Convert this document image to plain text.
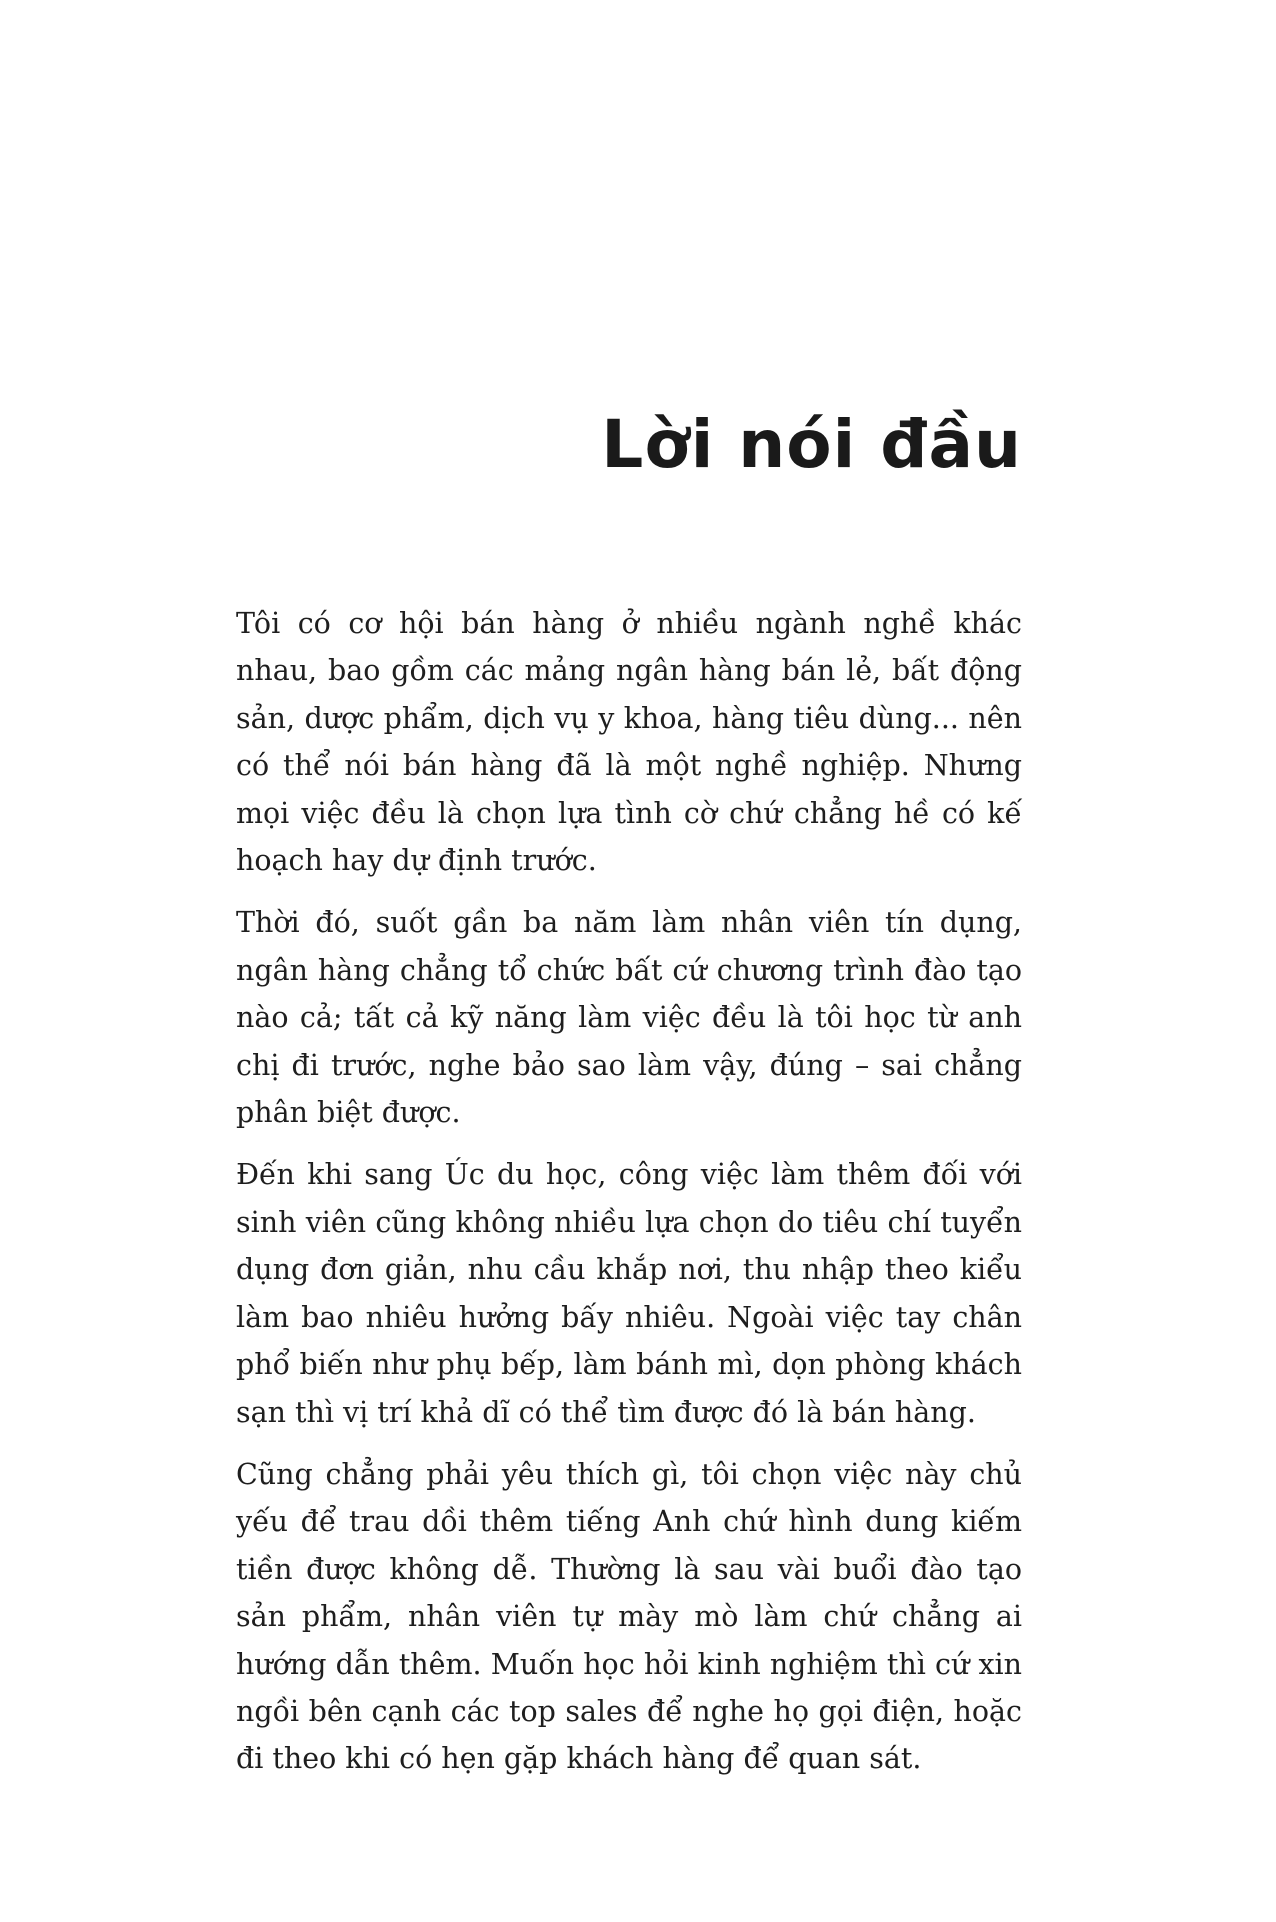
Lời nói đầu

Tôi có cơ hội bán hàng ở nhiều ngành nghề khác nhau, bao gồm các mảng ngân hàng bán lẻ, bất động sản, dược phẩm, dịch vụ y khoa, hàng tiêu dùng... nên có thể nói bán hàng đã là một nghề nghiệp. Nhưng mọi việc đều là chọn lựa tình cờ chứ chẳng hề có kế hoạch hay dự định trước.

Thời đó, suốt gần ba năm làm nhân viên tín dụng, ngân hàng chẳng tổ chức bất cứ chương trình đào tạo nào cả; tất cả kỹ năng làm việc đều là tôi học từ anh chị đi trước, nghe bảo sao làm vậy, đúng – sai chẳng phân biệt được.

Đến khi sang Úc du học, công việc làm thêm đối với sinh viên cũng không nhiều lựa chọn do tiêu chí tuyển dụng đơn giản, nhu cầu khắp nơi, thu nhập theo kiểu làm bao nhiêu hưởng bấy nhiêu. Ngoài việc tay chân phổ biến như phụ bếp, làm bánh mì, dọn phòng khách sạn thì vị trí khả dĩ có thể tìm được đó là bán hàng.

Cũng chẳng phải yêu thích gì, tôi chọn việc này chủ yếu để trau dồi thêm tiếng Anh chứ hình dung kiếm tiền được không dễ. Thường là sau vài buổi đào tạo sản phẩm, nhân viên tự mày mò làm chứ chẳng ai hướng dẫn thêm. Muốn học hỏi kinh nghiệm thì cứ xin ngồi bên cạnh các top sales để nghe họ gọi điện, hoặc đi theo khi có hẹn gặp khách hàng để quan sát.
